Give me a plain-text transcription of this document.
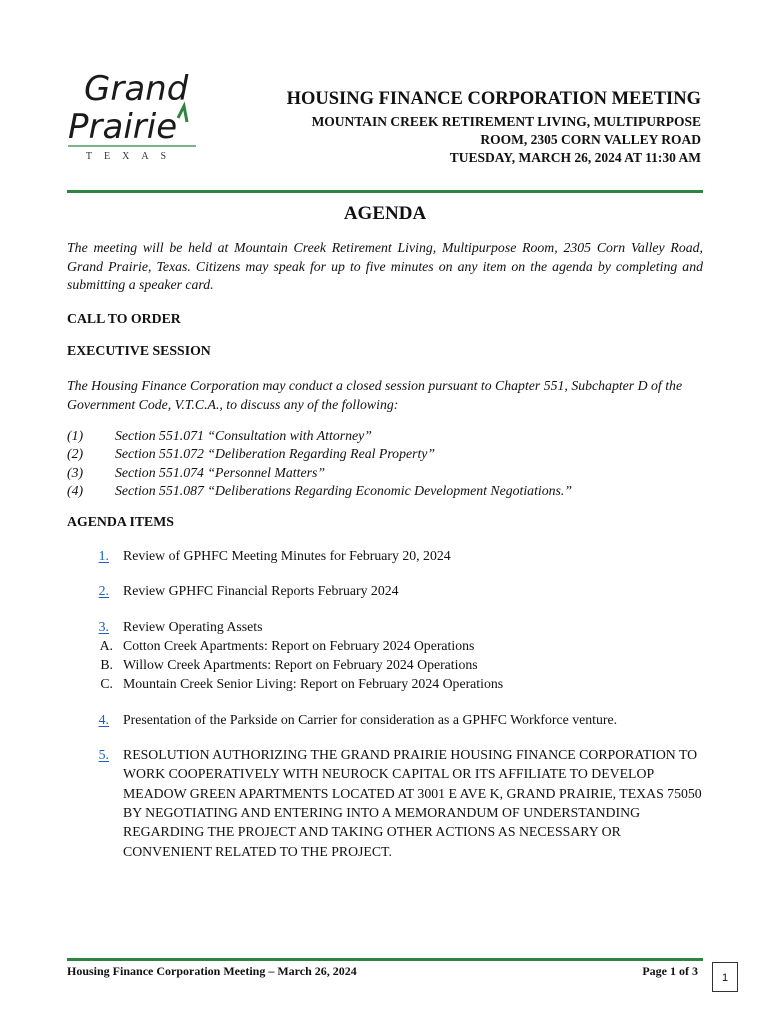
Grand
Prairie
TEXAS
HOUSING FINANCE CORPORATION MEETING
MOUNTAIN CREEK RETIREMENT LIVING, MULTIPURPOSE
ROOM, 2305 CORN VALLEY ROAD
TUESDAY, MARCH 26, 2024 AT 11:30 AM
AGENDA
The meeting will be held at Mountain Creek Retirement Living, Multipurpose Room, 2305 Corn Valley Road, Grand Prairie, Texas. Citizens may speak for up to five minutes on any item on the agenda by completing and submitting a speaker card.
CALL TO ORDER
EXECUTIVE SESSION
The Housing Finance Corporation may conduct a closed session pursuant to Chapter 551, Subchapter D of the Government Code, V.T.C.A., to discuss any of the following:
(1)	Section 551.071 “Consultation with Attorney”
(2)	Section 551.072 “Deliberation Regarding Real Property”
(3)	Section 551.074 “Personnel Matters”
(4)	Section 551.087 “Deliberations Regarding Economic Development Negotiations.”
AGENDA ITEMS
1.	Review of GPHFC Meeting Minutes for February 20, 2024
2.	Review GPHFC Financial Reports February 2024
3.	Review Operating Assets
A. Cotton Creek Apartments: Report on February 2024 Operations
B. Willow Creek Apartments: Report on February 2024 Operations
C. Mountain Creek Senior Living: Report on February 2024 Operations
4.	Presentation of the Parkside on Carrier for consideration as a GPHFC Workforce venture.
5.	RESOLUTION AUTHORIZING THE GRAND PRAIRIE HOUSING FINANCE CORPORATION TO WORK COOPERATIVELY WITH NEUROCK CAPITAL OR ITS AFFILIATE TO DEVELOP MEADOW GREEN APARTMENTS LOCATED AT 3001 E AVE K, GRAND PRAIRIE, TEXAS 75050 BY NEGOTIATING AND ENTERING INTO A MEMORANDUM OF UNDERSTANDING REGARDING THE PROJECT AND TAKING OTHER ACTIONS AS NECESSARY OR CONVENIENT RELATED TO THE PROJECT.
Housing Finance Corporation Meeting – March 26, 2024	Page 1 of 3	1
